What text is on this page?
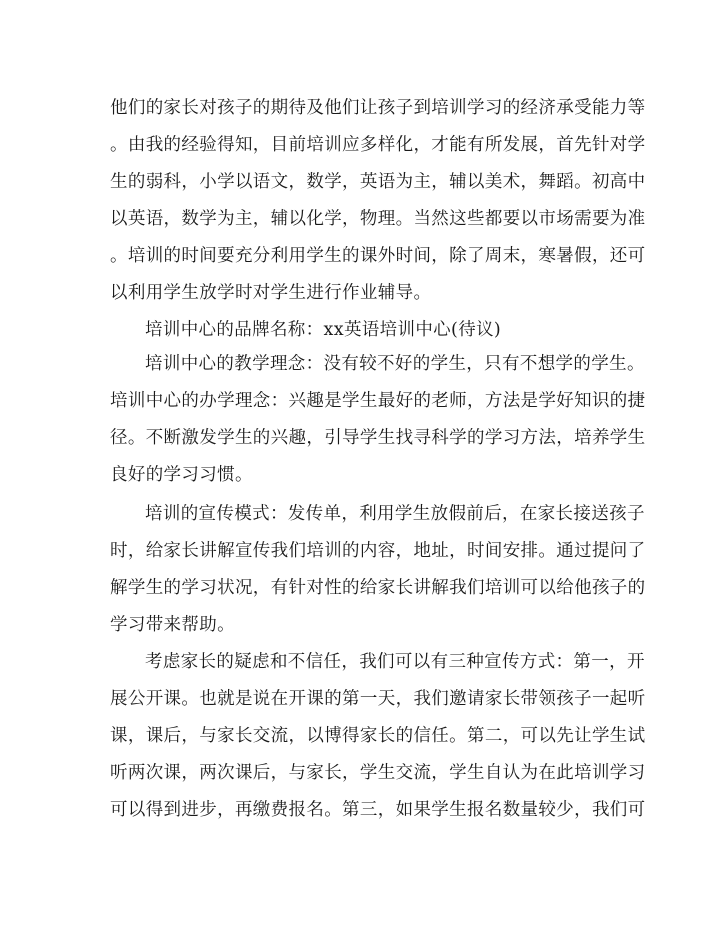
他们的家长对孩子的期待及他们让孩子到培训学习的经济承受能力等
。由我的经验得知，目前培训应多样化，才能有所发展，首先针对学
生的弱科，小学以语文，数学，英语为主，辅以美术，舞蹈。初高中
以英语，数学为主，辅以化学，物理。当然这些都要以市场需要为准
。培训的时间要充分利用学生的课外时间，除了周末，寒暑假，还可
以利用学生放学时对学生进行作业辅导。
培训中心的品牌名称：xx英语培训中心(待议)
培训中心的教学理念：没有较不好的学生，只有不想学的学生。
培训中心的办学理念：兴趣是学生最好的老师，方法是学好知识的捷
径。不断激发学生的兴趣，引导学生找寻科学的学习方法，培养学生
良好的学习习惯。
培训的宣传模式：发传单，利用学生放假前后，在家长接送孩子
时，给家长讲解宣传我们培训的内容，地址，时间安排。通过提问了
解学生的学习状况，有针对性的给家长讲解我们培训可以给他孩子的
学习带来帮助。
考虑家长的疑虑和不信任，我们可以有三种宣传方式：第一，开
展公开课。也就是说在开课的第一天，我们邀请家长带领孩子一起听
课，课后，与家长交流，以博得家长的信任。第二，可以先让学生试
听两次课，两次课后，与家长，学生交流，学生自认为在此培训学习
可以得到进步，再缴费报名。第三，如果学生报名数量较少，我们可
